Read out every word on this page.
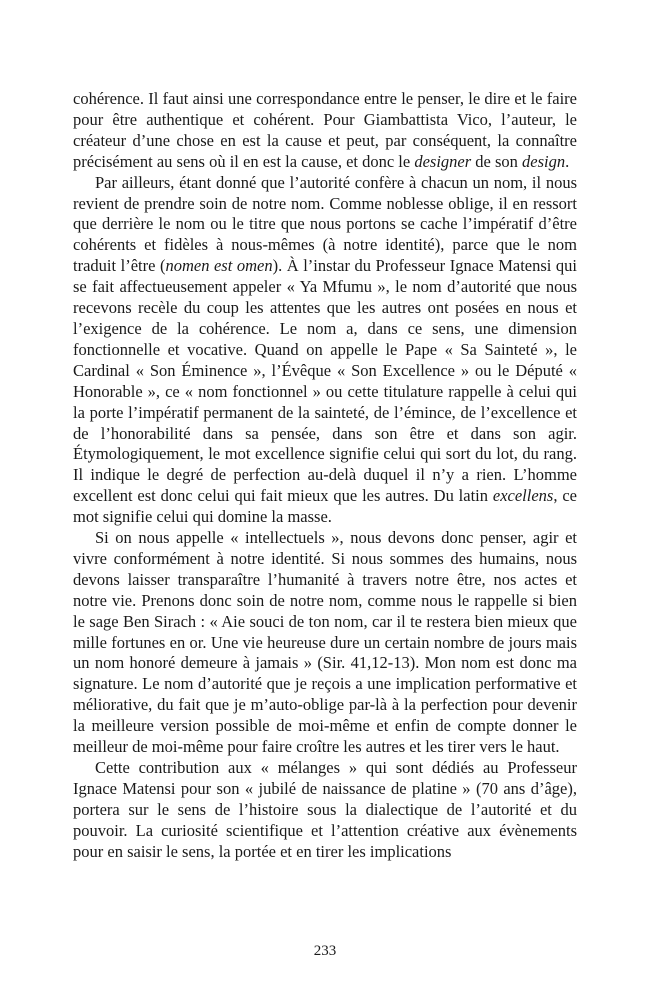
cohérence. Il faut ainsi une correspondance entre le penser, le dire et le faire pour être authentique et cohérent. Pour Giambattista Vico, l’auteur, le créateur d’une chose en est la cause et peut, par conséquent, la connaître précisément au sens où il en est la cause, et donc le designer de son design.

Par ailleurs, étant donné que l’autorité confère à chacun un nom, il nous revient de prendre soin de notre nom. Comme noblesse oblige, il en ressort que derrière le nom ou le titre que nous portons se cache l’impératif d’être cohérents et fidèles à nous-mêmes (à notre identité), parce que le nom traduit l’être (nomen est omen). À l’instar du Professeur Ignace Matensi qui se fait affectueusement appeler « Ya Mfumu », le nom d’autorité que nous recevons recèle du coup les attentes que les autres ont posées en nous et l’exigence de la cohérence. Le nom a, dans ce sens, une dimension fonctionnelle et vocative. Quand on appelle le Pape « Sa Sainteté », le Cardinal « Son Éminence », l’Évêque « Son Excellence » ou le Député « Honorable », ce « nom fonctionnel » ou cette titulature rappelle à celui qui la porte l’impératif permanent de la sainteté, de l’émince, de l’excellence et de l’honorabilité dans sa pensée, dans son être et dans son agir. Étymologiquement, le mot excellence signifie celui qui sort du lot, du rang. Il indique le degré de perfection au-delà duquel il n’y a rien. L’homme excellent est donc celui qui fait mieux que les autres. Du latin excellens, ce mot signifie celui qui domine la masse.

Si on nous appelle « intellectuels », nous devons donc penser, agir et vivre conformément à notre identité. Si nous sommes des humains, nous devons laisser transparaître l’humanité à travers notre être, nos actes et notre vie. Prenons donc soin de notre nom, comme nous le rappelle si bien le sage Ben Sirach : « Aie souci de ton nom, car il te restera bien mieux que mille fortunes en or. Une vie heureuse dure un certain nombre de jours mais un nom honoré demeure à jamais » (Sir. 41,12-13). Mon nom est donc ma signature. Le nom d’autorité que je reçois a une implication performative et méliorative, du fait que je m’auto-oblige par-là à la perfection pour devenir la meilleure version possible de moi-même et enfin de compte donner le meilleur de moi-même pour faire croître les autres et les tirer vers le haut.

Cette contribution aux « mélanges » qui sont dédiés au Professeur Ignace Matensi pour son « jubilé de naissance de platine » (70 ans d’âge), portera sur le sens de l’histoire sous la dialectique de l’autorité et du pouvoir. La curiosité scientifique et l’attention créative aux évènements pour en saisir le sens, la portée et en tirer les implications

233
